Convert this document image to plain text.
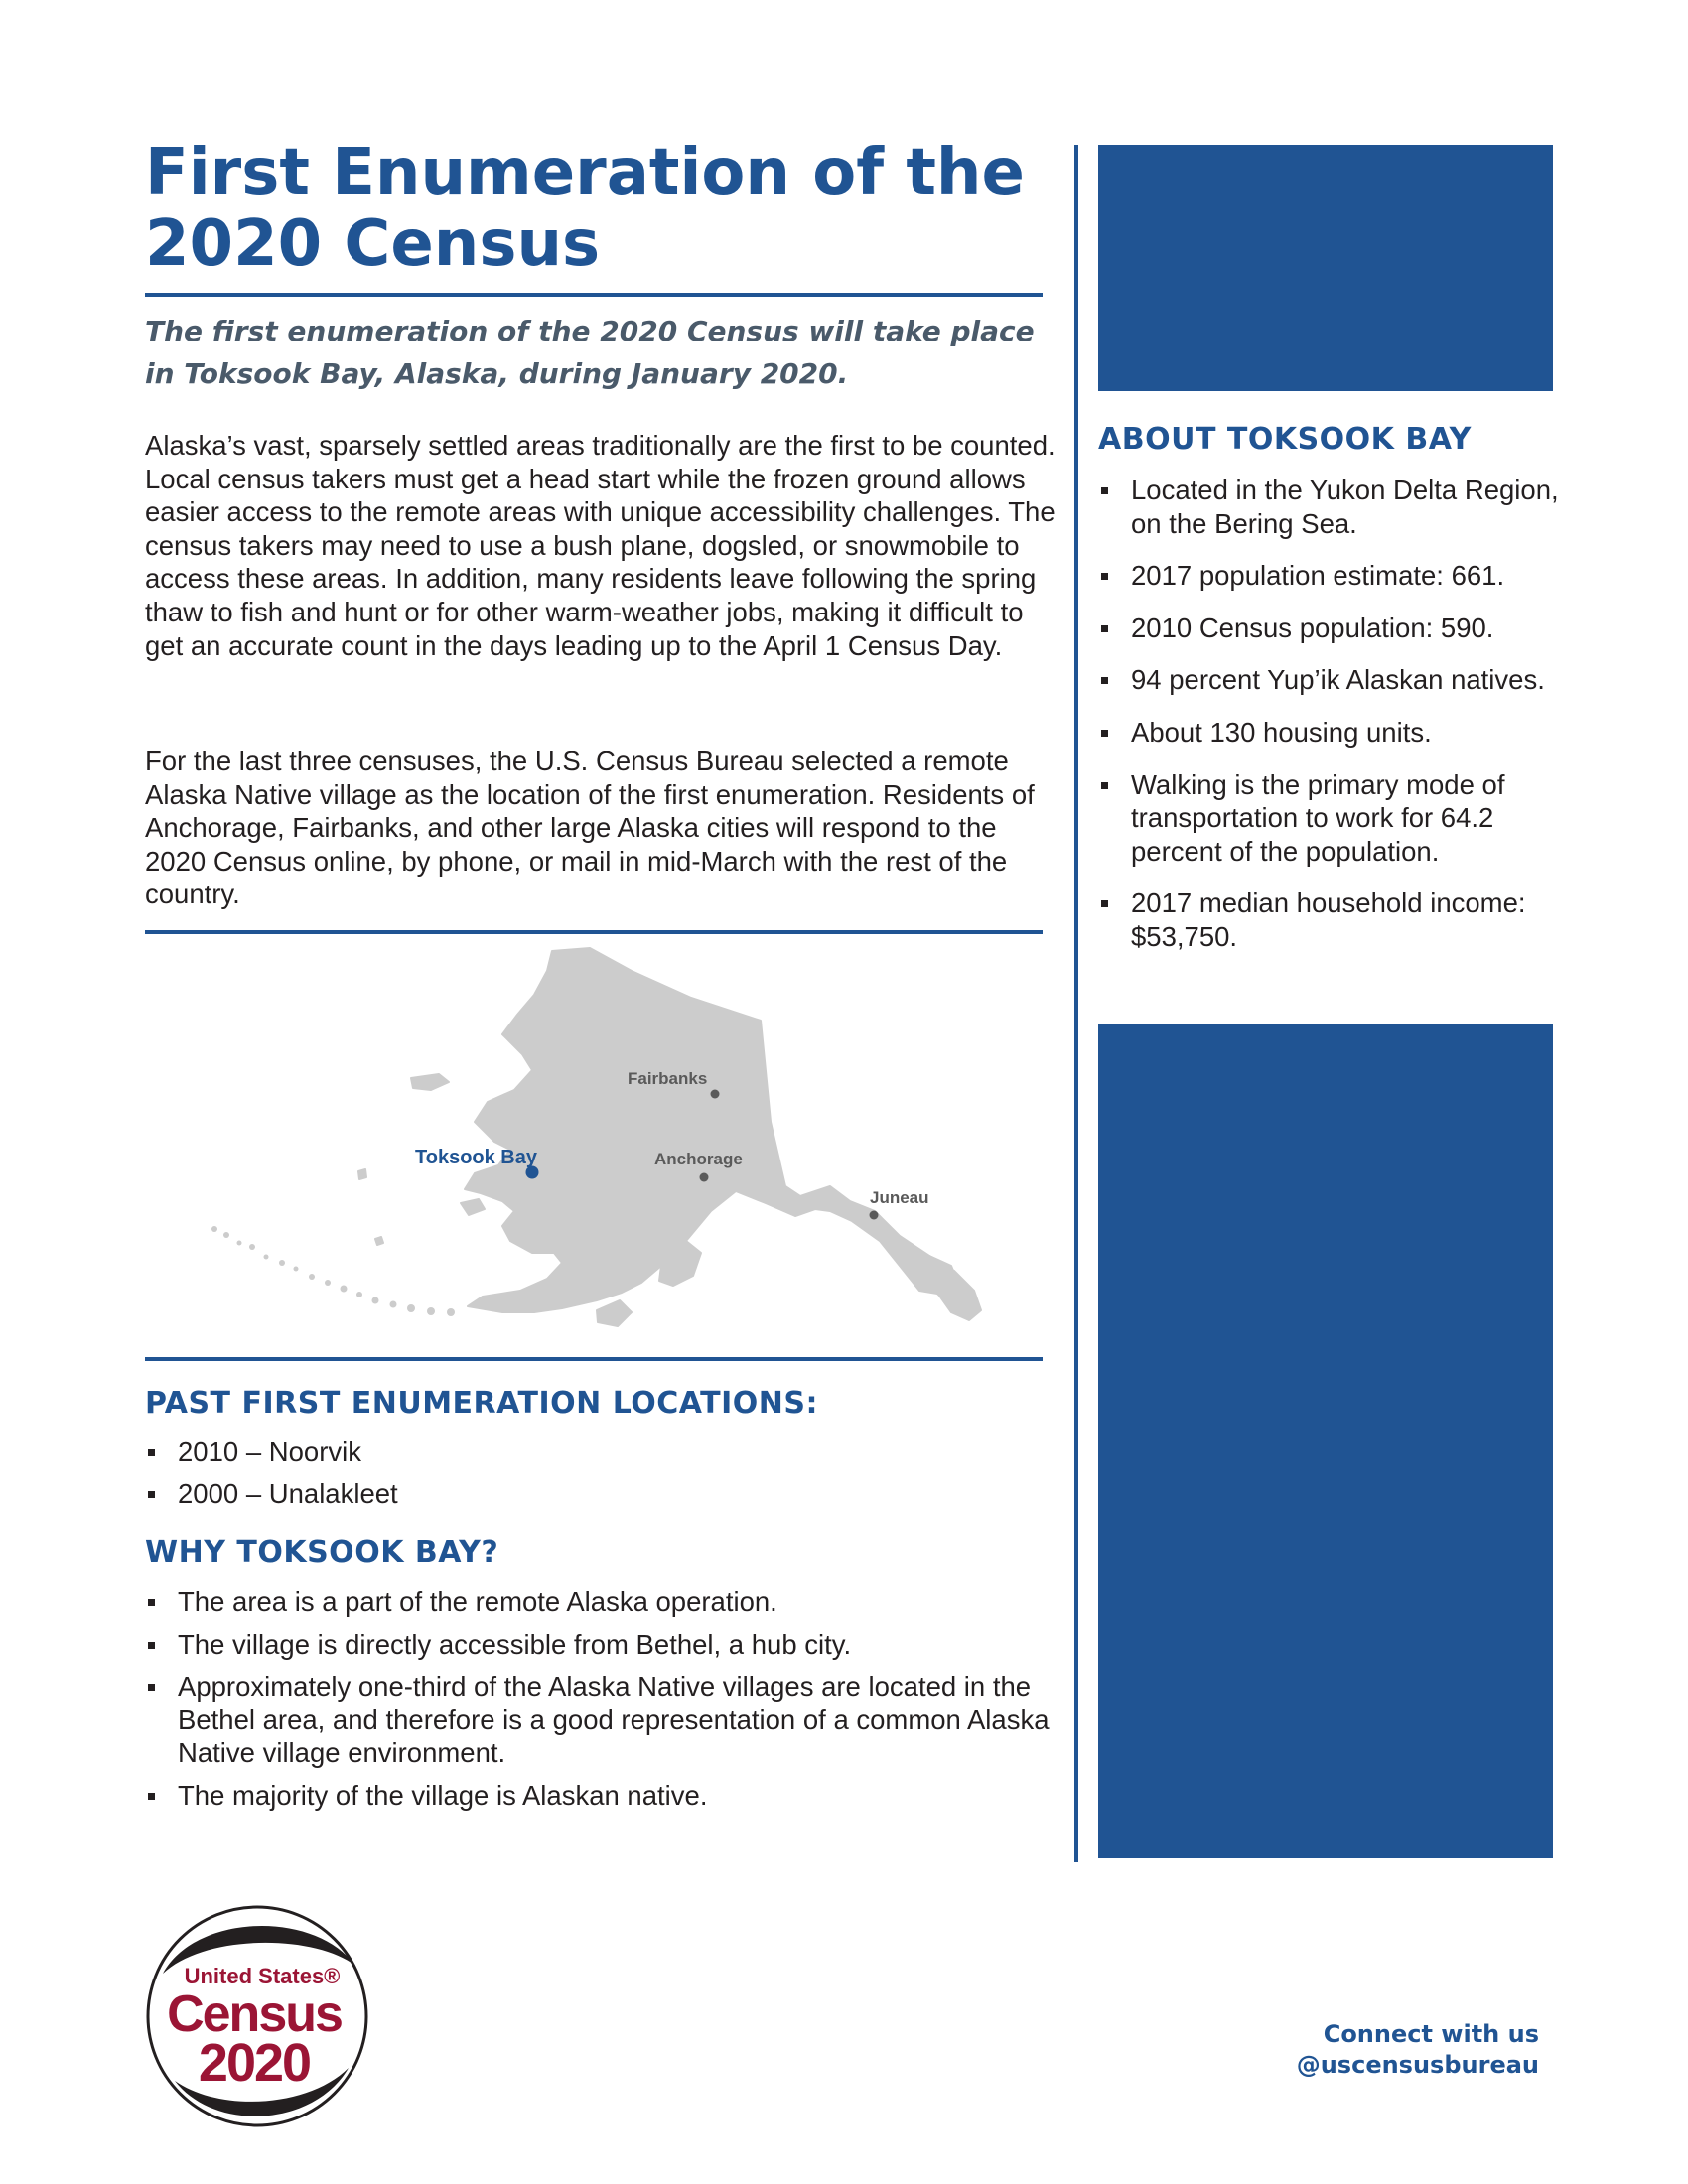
First Enumeration of the 2020 Census

The first enumeration of the 2020 Census will take place in Toksook Bay, Alaska, during January 2020.

Alaska’s vast, sparsely settled areas traditionally are the first to be counted. Local census takers must get a head start while the frozen ground allows easier access to the remote areas with unique accessibility challenges. The census takers may need to use a bush plane, dogsled, or snowmobile to access these areas. In addition, many residents leave following the spring thaw to fish and hunt or for other warm-weather jobs, making it difficult to get an accurate count in the days leading up to the April 1 Census Day.

For the last three censuses, the U.S. Census Bureau selected a remote Alaska Native village as the location of the first enumeration. Residents of Anchorage, Fairbanks, and other large Alaska cities will respond to the 2020 Census online, by phone, or mail in mid-March with the rest of the country.

Fairbanks
Toksook Bay	Anchorage
Juneau
PAST FIRST ENUMERATION LOCATIONS:
2010 – Noorvik
2000 – Unalakleet
WHY TOKSOOK BAY?
The area is a part of the remote Alaska operation.
The village is directly accessible from Bethel, a hub city.
Approximately one-third of the Alaska Native villages are located in the Bethel area, and therefore is a good representation of a common Alaska Native village environment.
The majority of the village is Alaskan native.
ABOUT TOKSOOK BAY
Located in the Yukon Delta Region, on the Bering Sea.
2017 population estimate: 661.
2010 Census population: 590.
94 percent Yup’ik Alaskan natives.
About 130 housing units.
Walking is the primary mode of transportation to work for 64.2 percent of the population.
2017 median household income: $53,750.
United States®
Census
2020	Connect with us
@uscensusbureau
